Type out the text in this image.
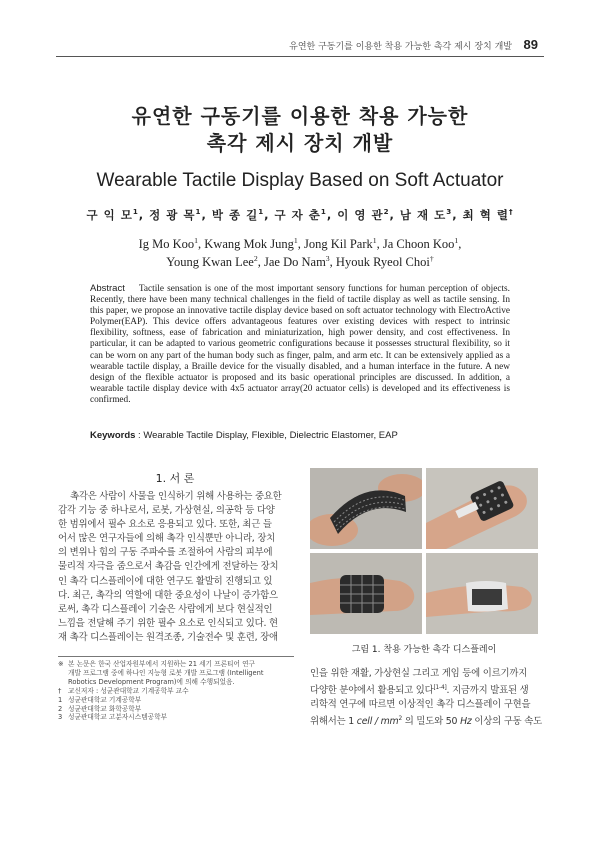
유연한 구동기를 이용한 착용 가능한 촉각 제시 장치 개발 89
유연한 구동기를 이용한 착용 가능한
촉각 제시 장치 개발
Wearable Tactile Display Based on Soft Actuator
구 익 모$^1$, 정 광 목$^1$, 박 종 길$^1$, 구 자 춘$^1$, 이 영 관$^2$, 남 재 도$^3$, 최 혁 렬†
Ig Mo Koo$^1$, Kwang Mok Jung$^1$, Jong Kil Park$^1$, Ja Choon Koo$^1$,
Young Kwan Lee$^2$, Jae Do Nam$^3$, Hyouk Ryeol Choi†
Abstract Tactile sensation is one of the most important sensory functions for human perception of objects. Recently, there have been many technical challenges in the field of tactile display as well as tactile sensing. In this paper, we propose an innovative tactile display device based on soft actuator technology with ElectroActive Polymer(EAP). This device offers advantageous features over existing devices with respect to intrinsic flexibility, softness, ease of fabrication and miniaturization, high power density, and cost effectiveness. In particular, it can be adapted to various geometric configurations because it possesses structural flexibility, so it can be worn on any part of the human body such as finger, palm, and arm etc. It can be extensively applied as a wearable tactile display, a Braille device for the visually disabled, and a human interface in the future. A new design of the flexible actuator is proposed and its basic operational principles are discussed. In addition, a wearable tactile display device with 4x5 actuator array(20 actuator cells) is developed and its effectiveness is confirmed.
Keywords : Wearable Tactile Display, Flexible, Dielectric Elastomer, EAP
1. 서 론
촉각은 사람이 사물을 인식하기 위해 사용하는 중요한
감각 기능 중 하나로서, 로봇, 가상현실, 의공학 등 다양
한 범위에서 필수 요소로 응용되고 있다. 또한, 최근 들
어서 많은 연구자들에 의해 촉각 인식뿐만 아니라, 장치
의 변위나 힘의 구동 주파수를 조절하여 사람의 피부에
물리적 자극을 줌으로서 촉감을 인간에게 전달하는 장치
인 촉각 디스플레이에 대한 연구도 활발히 진행되고 있
다. 최근, 촉각의 역할에 대한 중요성이 나날이 증가함으
로써, 촉각 디스플레이 기술은 사람에게 보다 현실적인
느낌을 전달해 주기 위한 필수 요소로 인식되고 있다. 현
재 촉각 디스플레이는 원격조종, 기술전수 및 훈련, 장애
※ 본 논문은 한국 산업자원부에서 지원하는 21 세기 프론티어 연구
개발 프로그램 중에 하나인 지능형 로봇 개발 프로그램 (Intelligent
Robotics Development Program)에 의해 수행되었음.
† 교신저자 : 성균관대학교 기계공학부 교수
1 성균관대학교 기계공학부
2 성균관대학교 화학공학부
3 성균관대학교 고분자시스템공학부
그림 1. 착용 가능한 촉각 디스플레이
인을 위한 재활, 가상현실 그리고 게임 등에 이르기까지
다양한 분야에서 활용되고 있다[1-4]. 지금까지 발표된 생
리학적 연구에 따르면 이상적인 촉각 디스플레이 구현을
위해서는 1 cell / $mm^2$ 의 밀도와 50 Hz 이상의 구동 속도
